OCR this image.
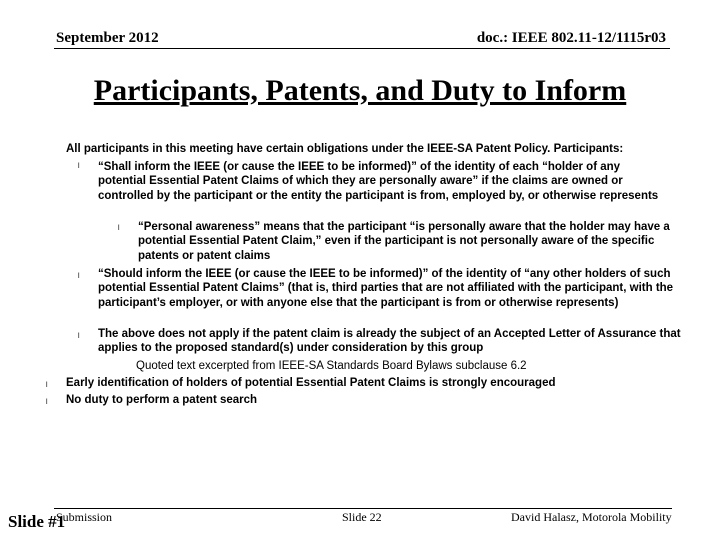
September 2012	doc.: IEEE 802.11-12/1115r03
Participants, Patents, and Duty to Inform
All participants in this meeting have certain obligations under the IEEE-SA Patent Policy. Participants:
l “Shall inform the IEEE (or cause the IEEE to be informed)” of the identity of each “holder of any potential Essential Patent Claims of which they are personally aware” if the claims are owned or controlled by the participant or the entity the participant is from, employed by, or otherwise represents
l “Personal awareness” means that the participant “is personally aware that the holder may have a potential Essential Patent Claim,” even if the participant is not personally aware of the specific patents or patent claims
l “Should inform the IEEE (or cause the IEEE to be informed)” of the identity of “any other holders of such potential Essential Patent Claims” (that is, third parties that are not affiliated with the participant, with the participant’s employer, or with anyone else that the participant is from or otherwise represents)
l The above does not apply if the patent claim is already the subject of an Accepted Letter of Assurance that applies to the proposed standard(s) under consideration by this group
Quoted text excerpted from IEEE-SA Standards Board Bylaws subclause 6.2
l Early identification of holders of potential Essential Patent Claims is strongly encouraged
l No duty to perform a patent search
Slide #1
Submission	Slide 22	David Halasz, Motorola Mobility
